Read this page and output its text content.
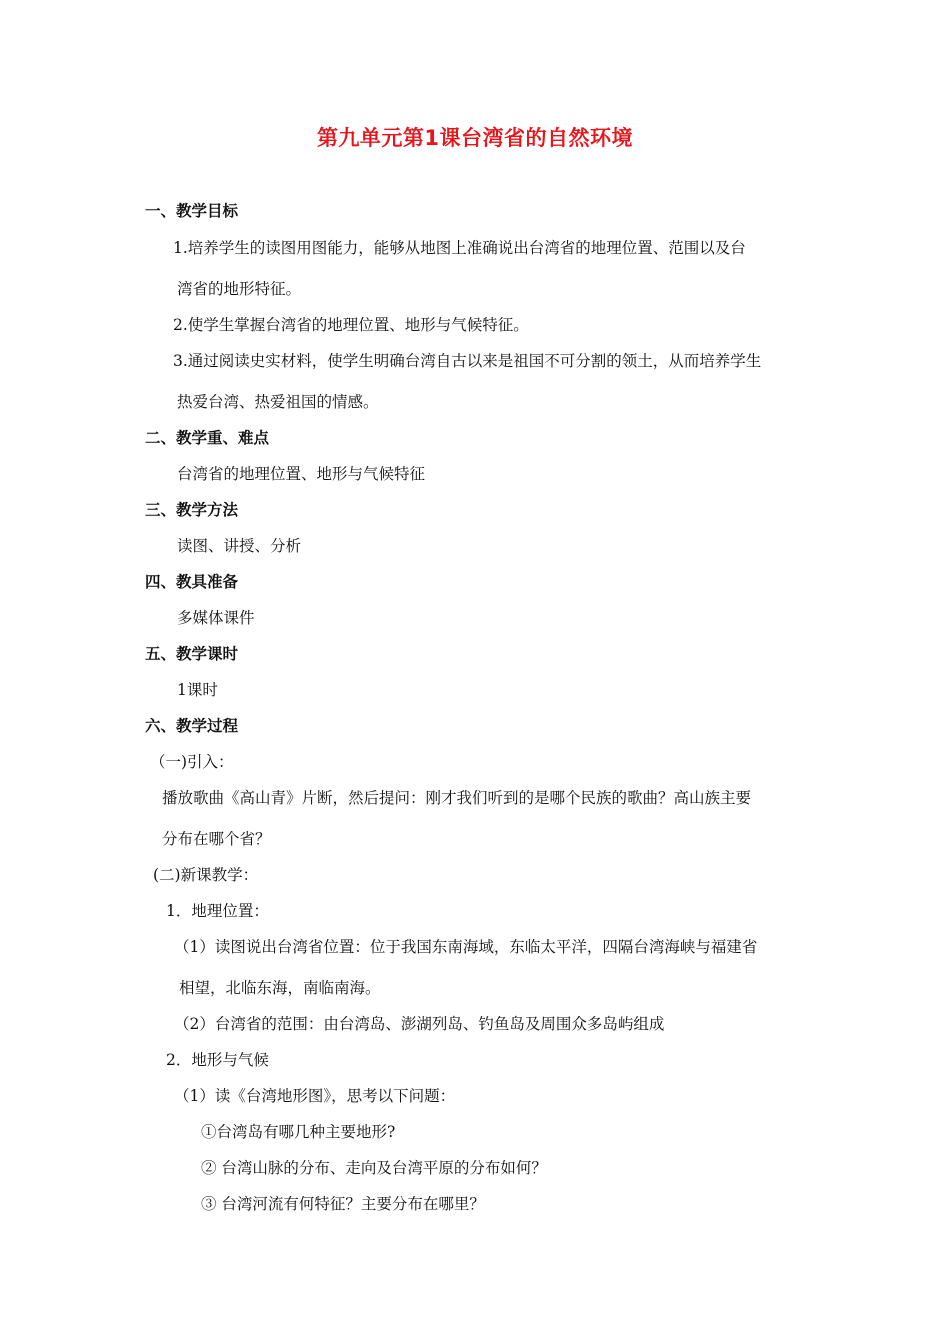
第九单元第1课台湾省的自然环境
一、教学目标
1.培养学生的读图用图能力，能够从地图上准确说出台湾省的地理位置、范围以及台
湾省的地形特征。
2.使学生掌握台湾省的地理位置、地形与气候特征。
3.通过阅读史实材料，使学生明确台湾自古以来是祖国不可分割的领土，从而培养学生
热爱台湾、热爱祖国的情感。
二、教学重、难点
台湾省的地理位置、地形与气候特征
三、教学方法
读图、讲授、分析
四、教具准备
多媒体课件
五、教学课时
1课时
六、教学过程
（一)引入：
播放歌曲《高山青》片断，然后提问：刚才我们听到的是哪个民族的歌曲？高山族主要
分布在哪个省？
(二)新课教学：
1．地理位置：
（1）读图说出台湾省位置：位于我国东南海域，东临太平洋，四隔台湾海峡与福建省
相望，北临东海，南临南海。
（2）台湾省的范围：由台湾岛、澎湖列岛、钓鱼岛及周围众多岛屿组成
2．地形与气候
（1）读《台湾地形图》，思考以下问题：
①台湾岛有哪几种主要地形?
② 台湾山脉的分布、走向及台湾平原的分布如何？
③ 台湾河流有何特征？主要分布在哪里？
